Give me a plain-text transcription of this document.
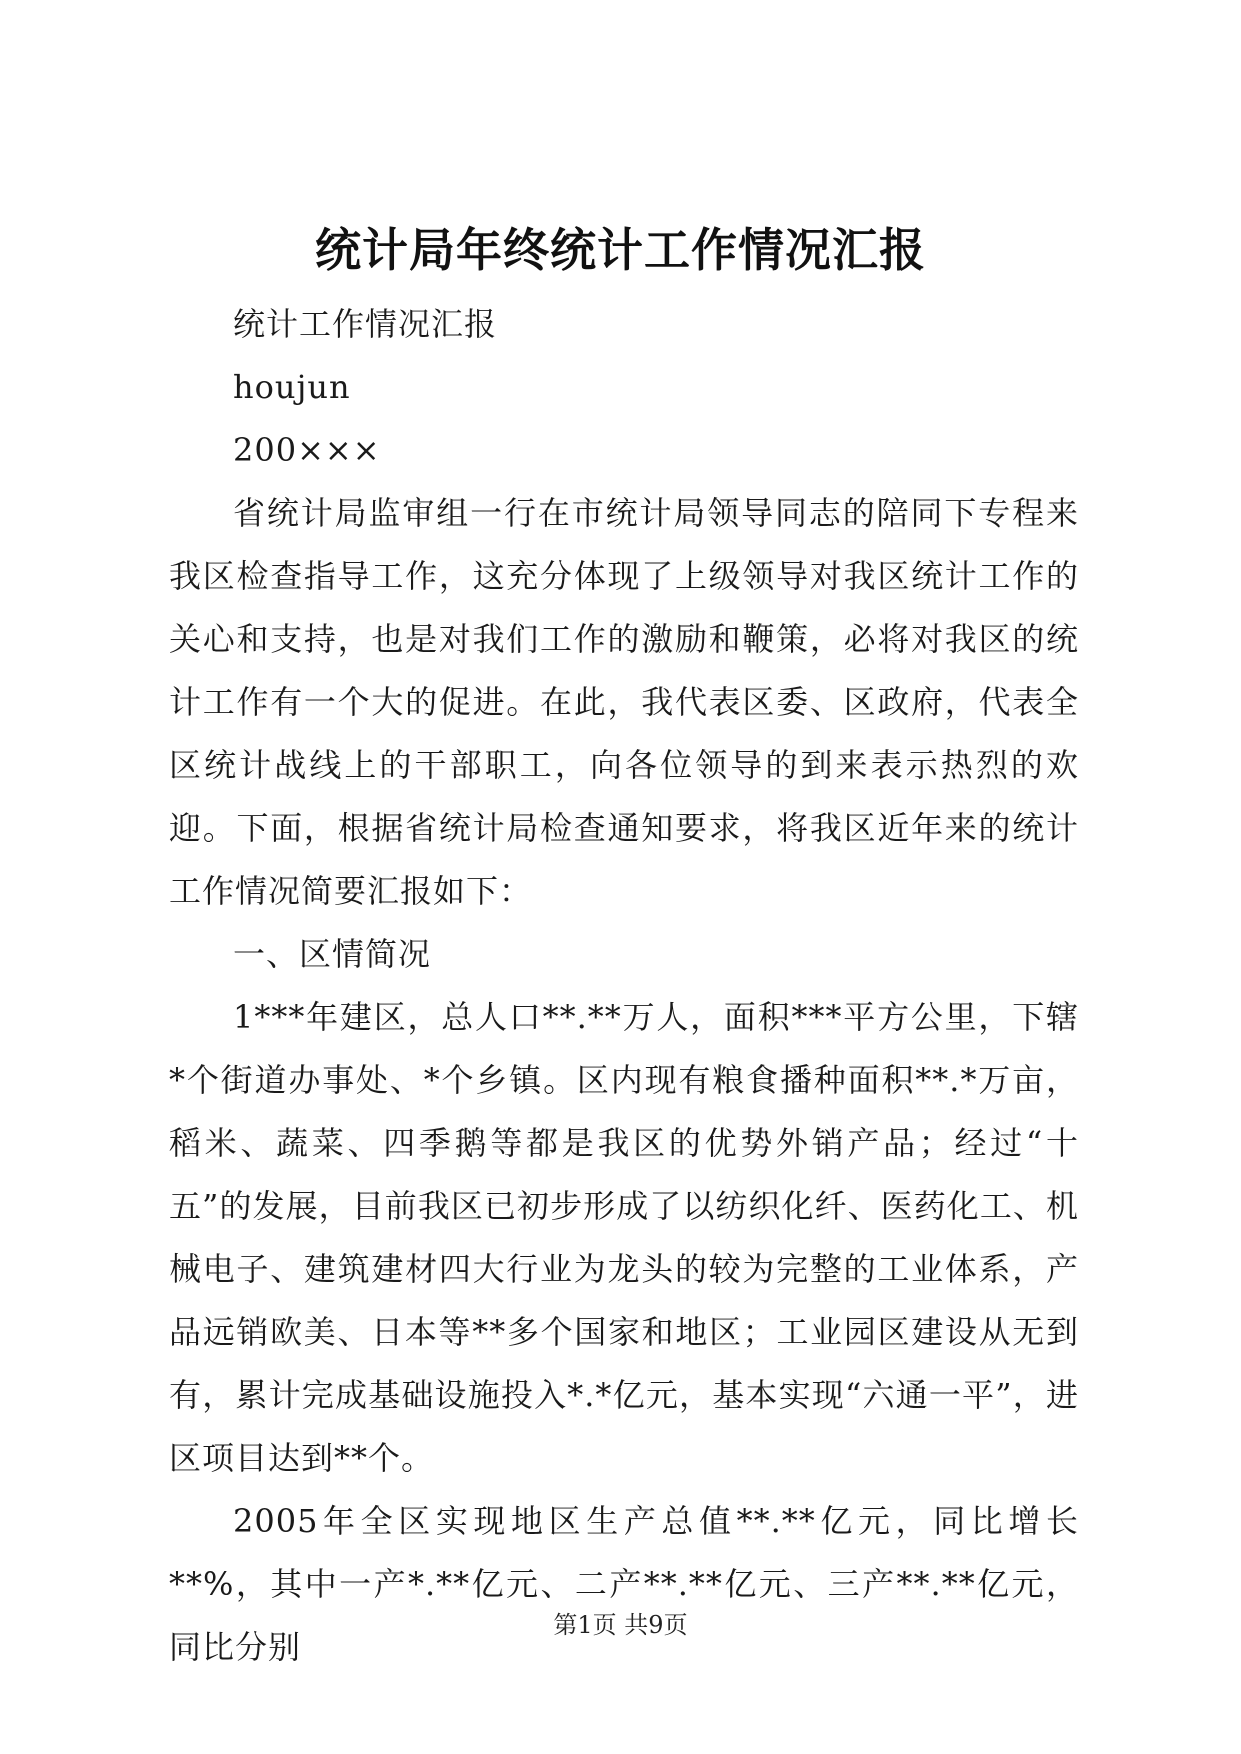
统计局年终统计工作情况汇报

统计工作情况汇报

houjun

200×××

省统计局监审组一行在市统计局领导同志的陪同下专程来我区检查指导工作，这充分体现了上级领导对我区统计工作的关心和支持，也是对我们工作的激励和鞭策，必将对我区的统计工作有一个大的促进。在此，我代表区委、区政府，代表全区统计战线上的干部职工，向各位领导的到来表示热烈的欢迎。下面，根据省统计局检查通知要求，将我区近年来的统计工作情况简要汇报如下：

一、区情简况

1***年建区，总人口**.**万人，面积***平方公里，下辖*个街道办事处、*个乡镇。区内现有粮食播种面积**.*万亩，稻米、蔬菜、四季鹅等都是我区的优势外销产品；经过“十五”的发展，目前我区已初步形成了以纺织化纤、医药化工、机械电子、建筑建材四大行业为龙头的较为完整的工业体系，产品远销欧美、日本等**多个国家和地区；工业园区建设从无到有，累计完成基础设施投入*.*亿元，基本实现“六通一平”，进区项目达到**个。

2005年全区实现地区生产总值**.**亿元，同比增长**%，其中一产*.**亿元、二产**.**亿元、三产**.**亿元，同比分别

第1页 共9页
